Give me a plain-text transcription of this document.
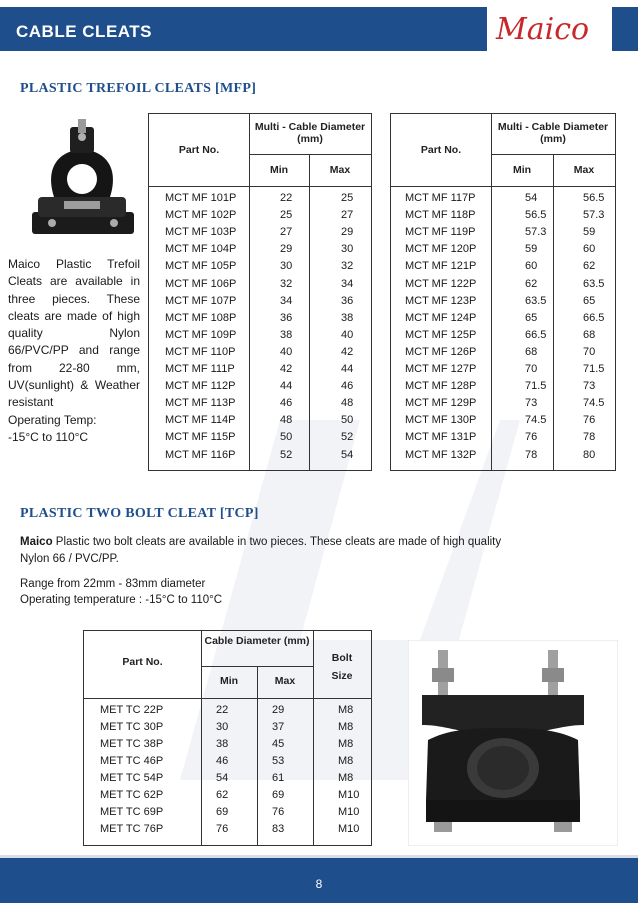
CABLE CLEATS	Maico
PLASTIC TREFOIL CLEATS [MFP]
Maico Plastic Trefoil Cleats are available in three pieces. These cleats are made of high quality Nylon 66/PVC/PP and range from 22-80 mm, UV(sunlight) & Weather resistant
Operating Temp:
-15°C to 110°C
Part No.
Multi - Cable Diameter (mm)
Min	Max
MCT MF 101P	22	25
MCT MF 102P	25	27
MCT MF 103P	27	29
MCT MF 104P	29	30
MCT MF 105P	30	32
MCT MF 106P	32	34
MCT MF 107P	34	36
MCT MF 108P	36	38
MCT MF 109P	38	40
MCT MF 110P	40	42
MCT MF 111P	42	44
MCT MF 112P	44	46
MCT MF 113P	46	48
MCT MF 114P	48	50
MCT MF 115P	50	52
MCT MF 116P	52	54
Part No.
Multi - Cable Diameter (mm)
Min	Max
MCT MF 117P	54	56.5
MCT MF 118P	56.5	57.3
MCT MF 119P	57.3	59
MCT MF 120P	59	60
MCT MF 121P	60	62
MCT MF 122P	62	63.5
MCT MF 123P	63.5	65
MCT MF 124P	65	66.5
MCT MF 125P	66.5	68
MCT MF 126P	68	70
MCT MF 127P	70	71.5
MCT MF 128P	71.5	73
MCT MF 129P	73	74.5
MCT MF 130P	74.5	76
MCT MF 131P	76	78
MCT MF 132P	78	80
PLASTIC TWO BOLT CLEAT [TCP]
Maico Plastic two bolt cleats are available in two pieces. These cleats are made of high quality
Nylon 66 / PVC/PP.
Range from 22mm - 83mm diameter
Operating temperature : -15°C to 110°C
Part No.
Cable Diameter (mm)
Min	Max
Bolt Size
MET TC 22P	22	29	M8
MET TC 30P	30	37	M8
MET TC 38P	38	45	M8
MET TC 46P	46	53	M8
MET TC 54P	54	61	M8
MET TC 62P	62	69	M10
MET TC 69P	69	76	M10
MET TC 76P	76	83	M10
8
